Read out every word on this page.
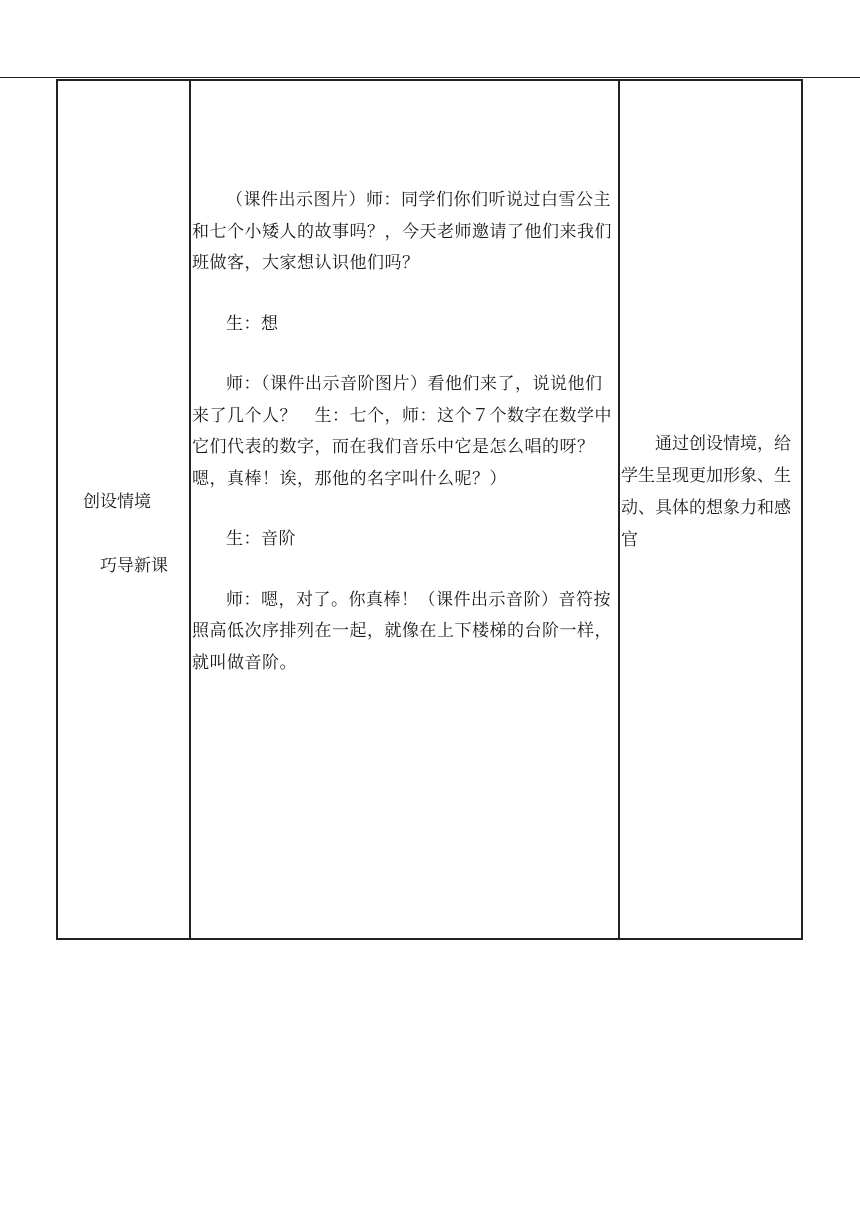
创设情境
巧导新课

（课件出示图片）师：同学们你们听说过白雪公主和七个小矮人的故事吗？，今天老师邀请了他们来我们班做客，大家想认识他们吗？

生：想

师：（课件出示音阶图片）看他们来了，说说他们来了几个人？　生：七个，师：这个７个数字在数学中它们代表的数字，而在我们音乐中它是怎么唱的呀？嗯，真棒！诶，那他的名字叫什么呢？）

生：音阶

师：嗯，对了。你真棒！（课件出示音阶）音符按照高低次序排列在一起，就像在上下楼梯的台阶一样，就叫做音阶。

通过创设情境，给学生呈现更加形象、生动、具体的想象力和感官
